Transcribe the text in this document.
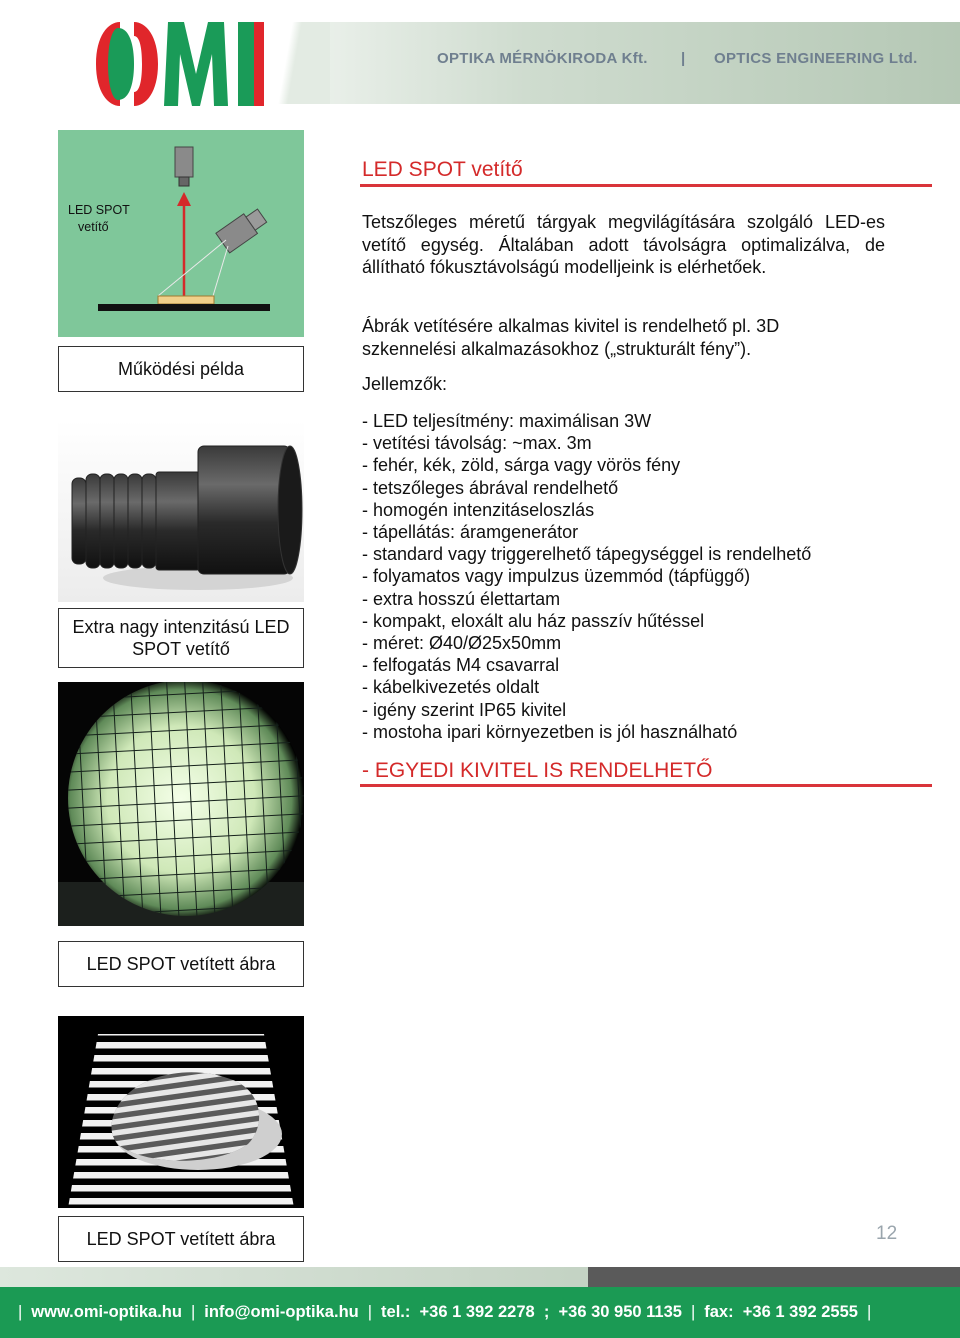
OPTIKA MÉRNÖKIRODA Kft. | OPTICS ENGINEERING Ltd.
LED SPOT
vetítő
Működési példa
Extra nagy intenzitású LED SPOT vetítő
LED SPOT vetített ábra
LED SPOT vetített ábra
LED SPOT vetítő

Tetszőleges méretű tárgyak megvilágítására szolgáló LED-es vetítő egység. Általában adott távolságra optimalizálva, de állítható fókusztávolságú modelljeink is elérhetőek.

Ábrák vetítésére alkalmas kivitel is rendelhető pl. 3D
szkennelési alkalmazásokhoz („strukturált fény”).

Jellemzők:
- LED teljesítmény: maximálisan 3W
- vetítési távolság: ~max. 3m
- fehér, kék, zöld, sárga vagy vörös fény
- tetszőleges ábrával rendelhető
- homogén intenzitáseloszlás
- tápellátás: áramgenerátor
- standard vagy triggerelhető tápegységgel is rendelhető
- folyamatos vagy impulzus üzemmód (tápfüggő)
- extra hosszú élettartam
- kompakt, eloxált alu ház passzív hűtéssel
- méret: Ø40/Ø25x50mm
- felfogatás M4 csavarral
- kábelkivezetés oldalt
- igény szerint IP65 kivitel
- mostoha ipari környezetben is jól használható
- EGYEDI KIVITEL IS RENDELHETŐ
12
| www.omi-optika.hu | info@omi-optika.hu | tel.:
+36 1 392 2278
;
+36 30 950 1135 | fax:
+36 1 392 2555 |
